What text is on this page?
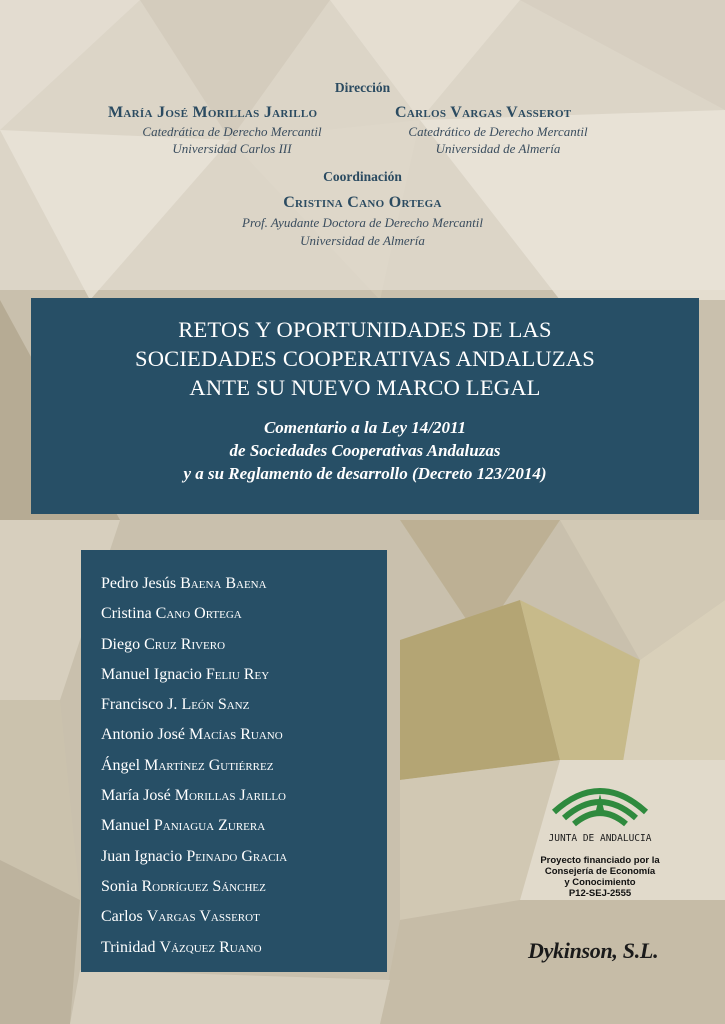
Dirección
María José Morillas Jarillo
Catedrática de Derecho Mercantil
Universidad Carlos III
Carlos Vargas Vasserot
Catedrático de Derecho Mercantil
Universidad de Almería
Coordinación
Cristina Cano Ortega
Prof. Ayudante Doctora de Derecho Mercantil
Universidad de Almería
RETOS Y OPORTUNIDADES DE LAS
SOCIEDADES COOPERATIVAS ANDALUZAS
ANTE SU NUEVO MARCO LEGAL
Comentario a la Ley 14/2011
de Sociedades Cooperativas Andaluzas
y a su Reglamento de desarrollo (Decreto 123/2014)
Pedro Jesús Baena Baena
Cristina Cano Ortega
Diego Cruz Rivero
Manuel Ignacio Feliu Rey
Francisco J. León Sanz
Antonio José Macías Ruano
Ángel Martínez Gutiérrez
María José Morillas Jarillo
Manuel Paniagua Zurera
Juan Ignacio Peinado Gracia
Sonia Rodríguez Sánchez
Carlos Vargas Vasserot
Trinidad Vázquez Ruano
JUNTA DE ANDALUCIA
Proyecto financiado por la
Consejería de Economía
y Conocimiento
P12-SEJ-2555
Dykinson, S.L.
